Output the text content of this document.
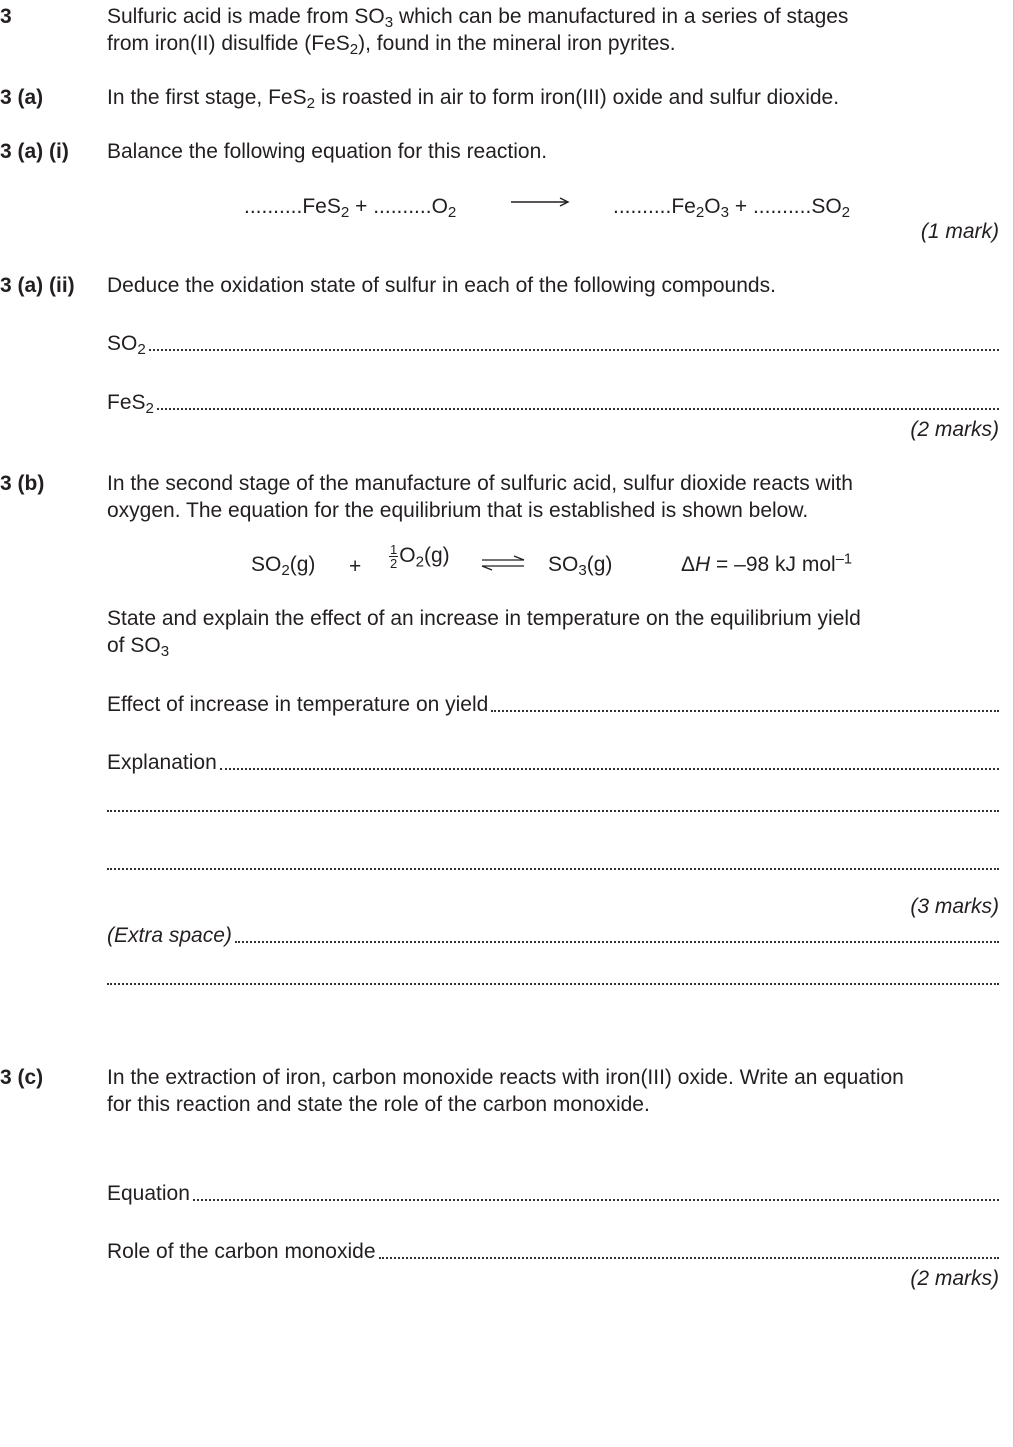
3	Sulfuric acid is made from $SO_3$ which can be manufactured in a series of stages
from iron(II) disulfide (FeS$_2$), found in the mineral iron pyrites.
3 (a)	In the first stage, FeS$_2$ is roasted in air to form iron(III) oxide and sulfur dioxide.
3 (a) (i) Balance the following equation for this reaction.
$..........FeS_2 + ..........O_2$	$..........Fe_2O_3 + ..........SO_2$
(1 mark)
3 (a) (ii) Deduce the oxidation state of sulfur in each of the following compounds.
$SO_2$
FeS$_2$
(2 marks)
3 (b)	In the second stage of the manufacture of sulfuric acid, sulfur dioxide reacts with
oxygen. The equation for the equilibrium that is established is shown below.
$SO_2(g) + \frac{1}{2} O_2(g)$ ⇌ $SO_3(g)$	ΔH = –98 kJ mol$^{-1}$
State and explain the effect of an increase in temperature on the equilibrium yield
of $SO_3$
Effect of increase in temperature on yield
Explanation
(3 marks)
(Extra space)
3 (c)	In the extraction of iron, carbon monoxide reacts with iron(III) oxide. Write an equation
for this reaction and state the role of the carbon monoxide.
Equation
Role of the carbon monoxide
(2 marks)
